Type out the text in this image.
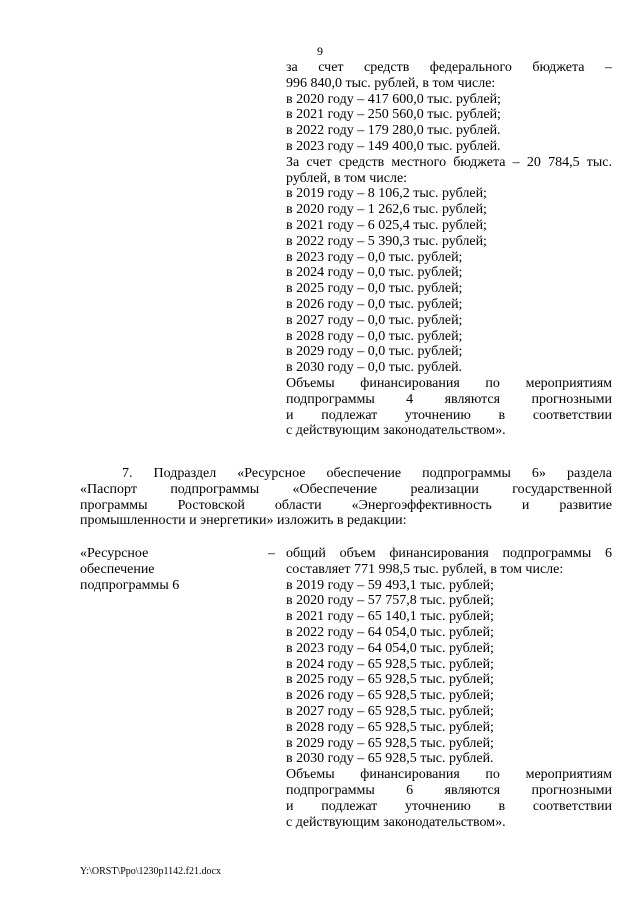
9
за счет средств федерального бюджета –
996 840,0 тыс. рублей, в том числе:
в 2020 году – 417 600,0 тыс. рублей;
в 2021 году – 250 560,0 тыс. рублей;
в 2022 году – 179 280,0 тыс. рублей.
в 2023 году – 149 400,0 тыс. рублей.
За счет средств местного бюджета – 20 784,5 тыс.
рублей, в том числе:
в 2019 году – 8 106,2 тыс. рублей;
в 2020 году – 1 262,6 тыс. рублей;
в 2021 году – 6 025,4 тыс. рублей;
в 2022 году – 5 390,3 тыс. рублей;
в 2023 году – 0,0 тыс. рублей;
в 2024 году – 0,0 тыс. рублей;
в 2025 году – 0,0 тыс. рублей;
в 2026 году – 0,0 тыс. рублей;
в 2027 году – 0,0 тыс. рублей;
в 2028 году – 0,0 тыс. рублей;
в 2029 году – 0,0 тыс. рублей;
в 2030 году – 0,0 тыс. рублей.
Объемы финансирования по мероприятиям
подпрограммы 4 являются прогнозными
и подлежат уточнению в соответствии
с действующим законодательством».
7. Подраздел «Ресурсное обеспечение подпрограммы 6» раздела
«Паспорт подпрограммы «Обеспечение реализации государственной
программы Ростовской области «Энергоэффективность и развитие
промышленности и энергетики» изложить в редакции:
«Ресурсное
обеспечение
подпрограммы 6
– общий объем финансирования подпрограммы 6
составляет 771 998,5 тыс. рублей, в том числе:
в 2019 году – 59 493,1 тыс. рублей;
в 2020 году – 57 757,8 тыс. рублей;
в 2021 году – 65 140,1 тыс. рублей;
в 2022 году – 64 054,0 тыс. рублей;
в 2023 году – 64 054,0 тыс. рублей;
в 2024 году – 65 928,5 тыс. рублей;
в 2025 году – 65 928,5 тыс. рублей;
в 2026 году – 65 928,5 тыс. рублей;
в 2027 году – 65 928,5 тыс. рублей;
в 2028 году – 65 928,5 тыс. рублей;
в 2029 году – 65 928,5 тыс. рублей;
в 2030 году – 65 928,5 тыс. рублей.
Объемы финансирования по мероприятиям
подпрограммы 6 являются прогнозными
и подлежат уточнению в соответствии
с действующим законодательством».
Y:\ORST\Ppo\1230p1142.f21.docx
